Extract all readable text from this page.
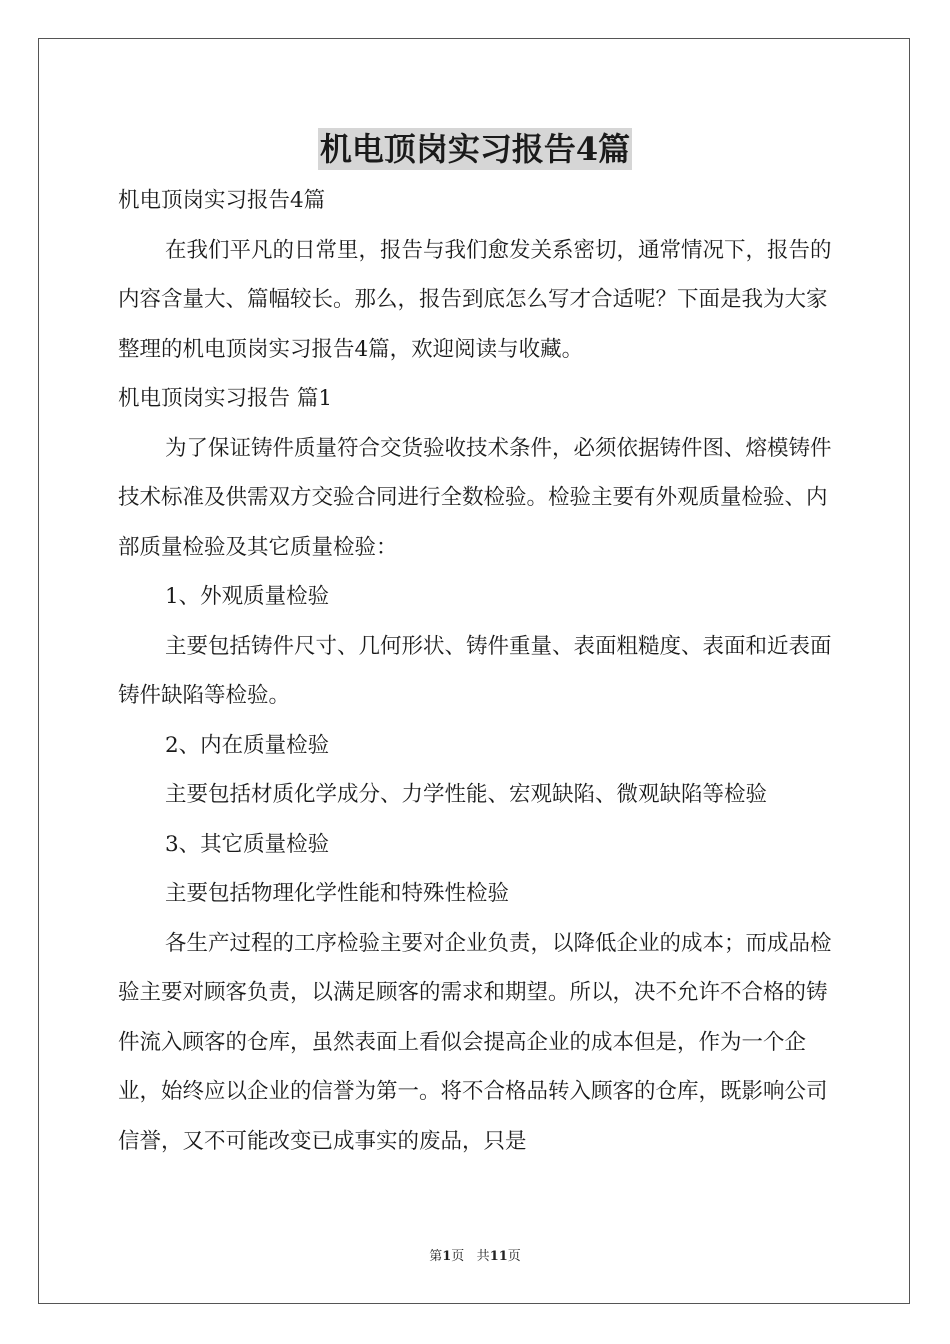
机电顶岗实习报告4篇

机电顶岗实习报告4篇

在我们平凡的日常里，报告与我们愈发关系密切，通常情况下，报告的内容含量大、篇幅较长。那么，报告到底怎么写才合适呢？下面是我为大家整理的机电顶岗实习报告4篇，欢迎阅读与收藏。

机电顶岗实习报告 篇1

为了保证铸件质量符合交货验收技术条件，必须依据铸件图、熔模铸件技术标准及供需双方交验合同进行全数检验。检验主要有外观质量检验、内部质量检验及其它质量检验：

1、外观质量检验

主要包括铸件尺寸、几何形状、铸件重量、表面粗糙度、表面和近表面铸件缺陷等检验。

2、内在质量检验

主要包括材质化学成分、力学性能、宏观缺陷、微观缺陷等检验

3、其它质量检验

主要包括物理化学性能和特殊性检验

各生产过程的工序检验主要对企业负责，以降低企业的成本；而成品检验主要对顾客负责，以满足顾客的需求和期望。所以，决不允许不合格的铸件流入顾客的仓库，虽然表面上看似会提高企业的成本但是，作为一个企业，始终应以企业的信誉为第一。将不合格品转入顾客的仓库，既影响公司信誉，又不可能改变已成事实的废品，只是

第1页 共11页
